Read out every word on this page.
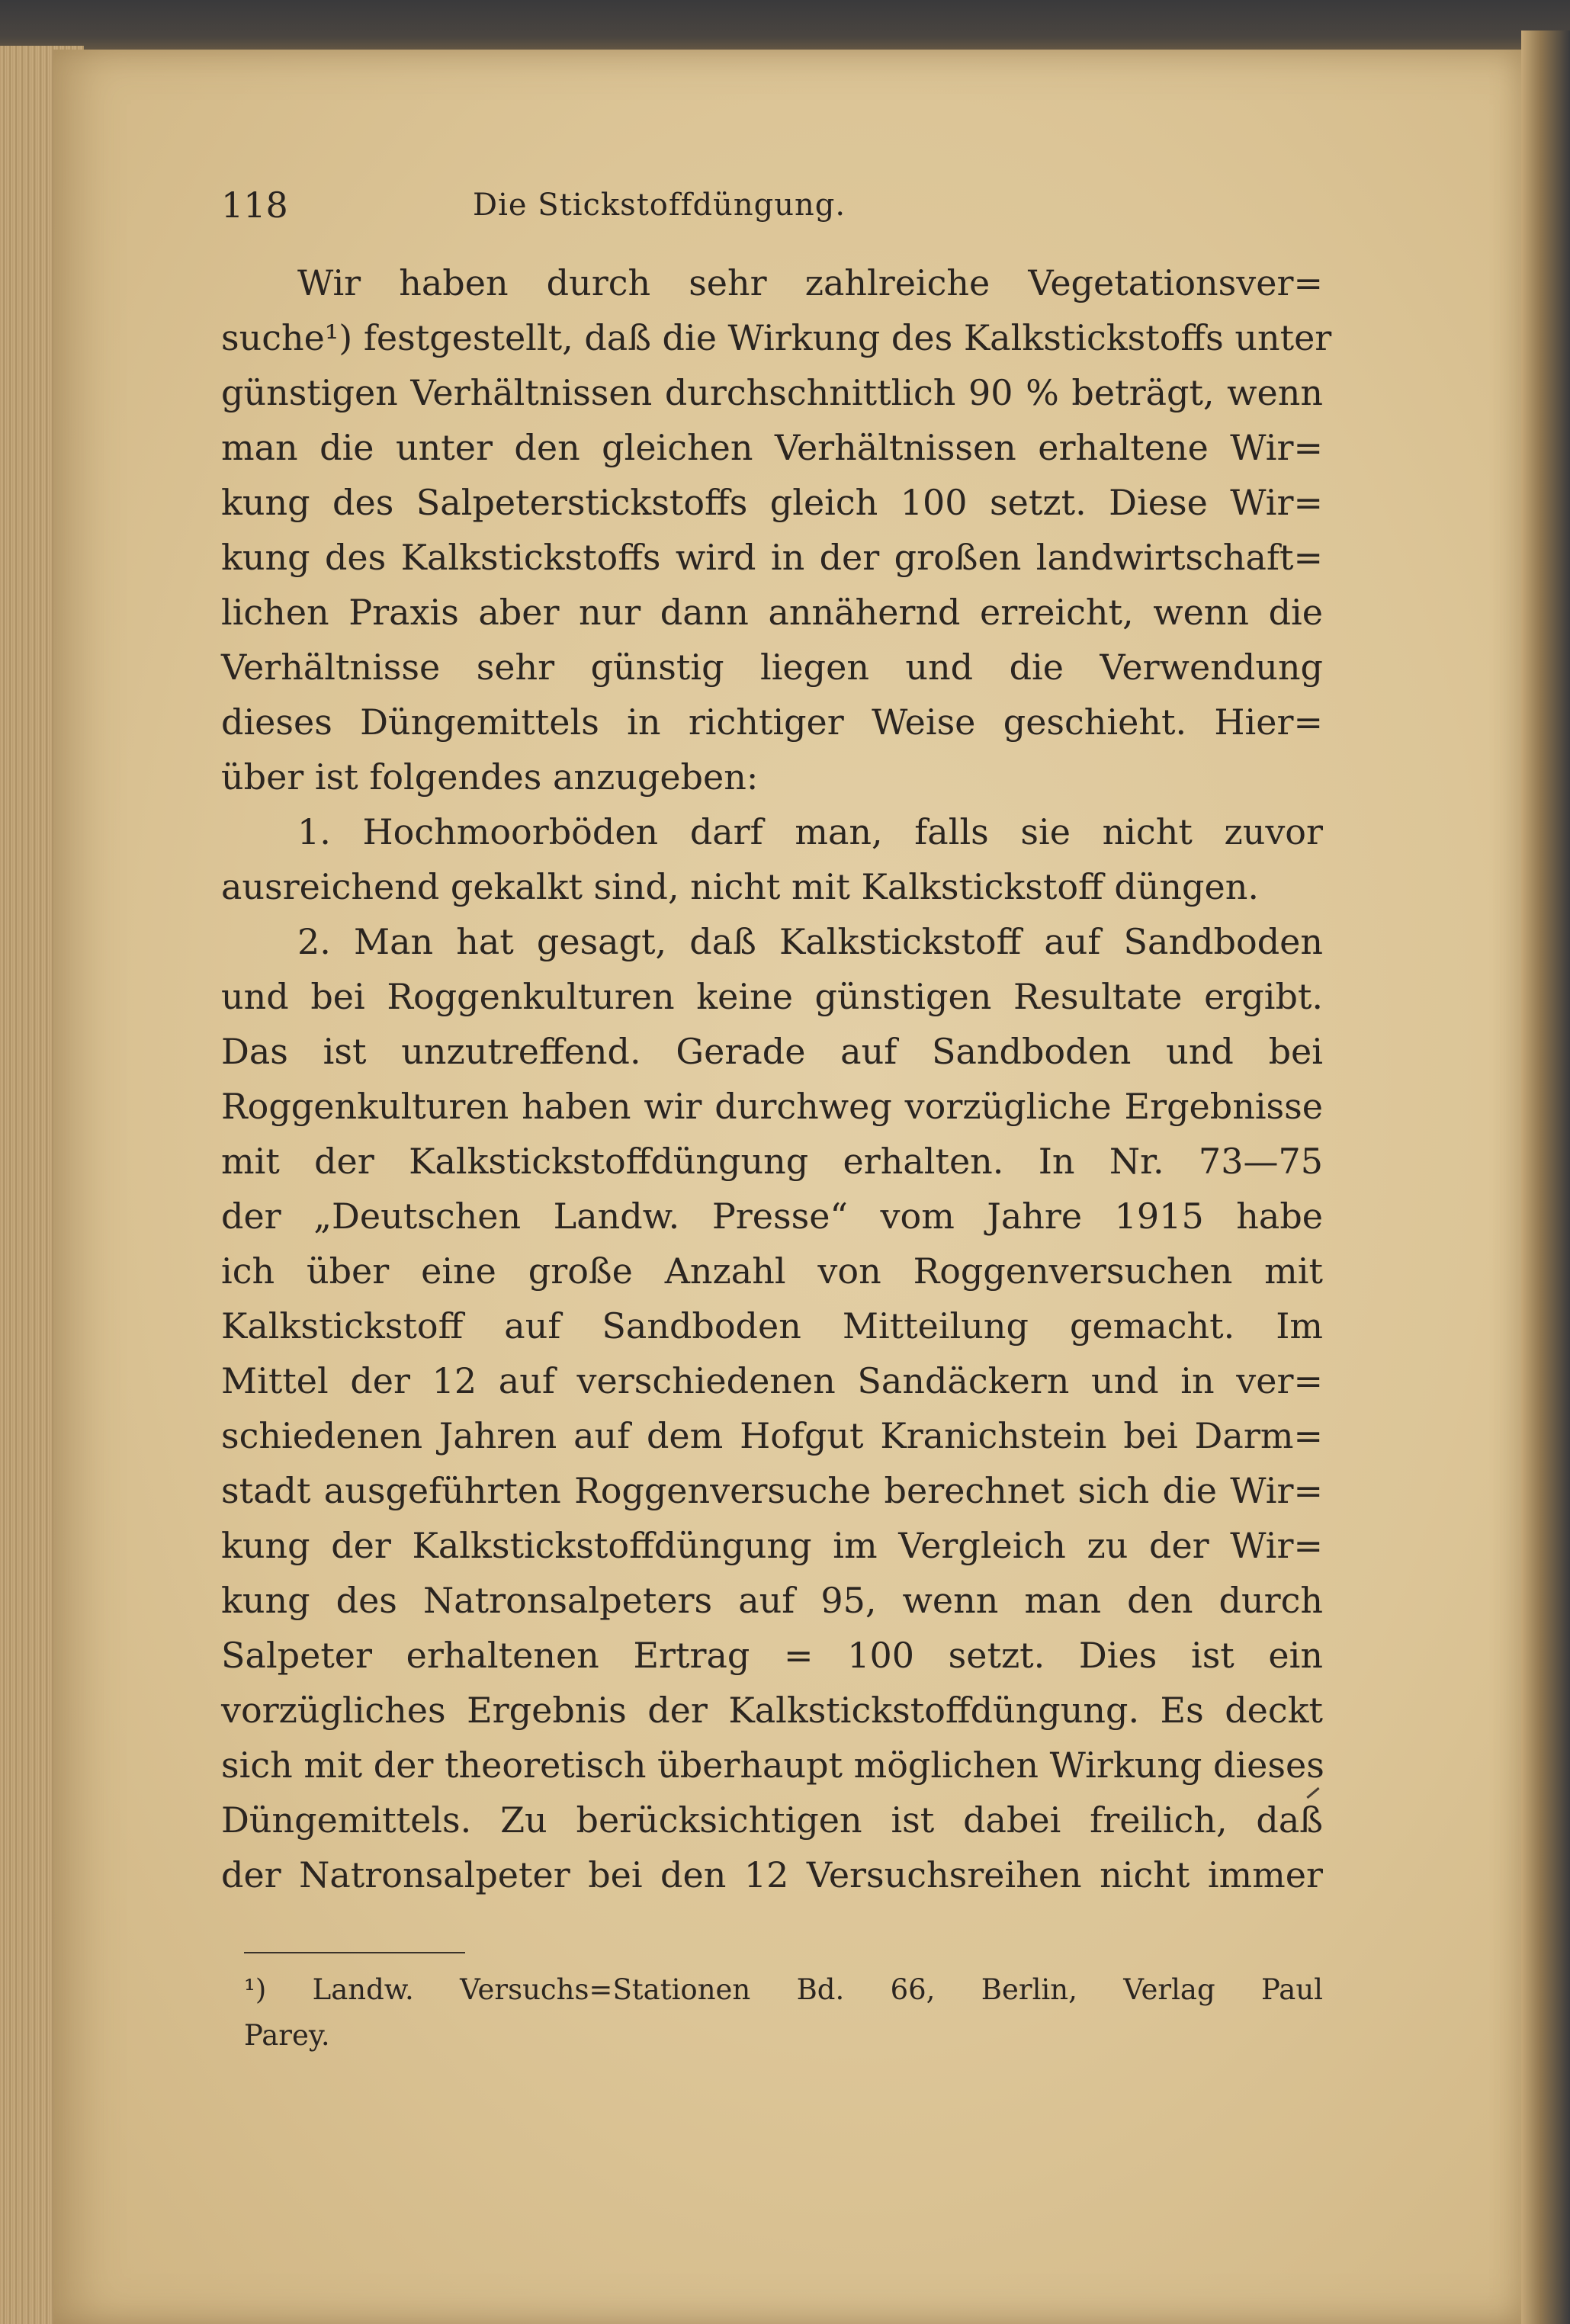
118	Die Stickstoffdüngung.
Wir haben durch sehr zahlreiche Vegetationsver=
suche¹) festgestellt, daß die Wirkung des Kalkstickstoffs unter
günstigen Verhältnissen durchschnittlich 90 % beträgt, wenn
man die unter den gleichen Verhältnissen erhaltene Wir=
kung des Salpeterstickstoffs gleich 100 setzt. Diese Wir=
kung des Kalkstickstoffs wird in der großen landwirtschaft=
lichen Praxis aber nur dann annähernd erreicht, wenn die
Verhältnisse sehr günstig liegen und die Verwendung
dieses Düngemittels in richtiger Weise geschieht. Hier=
über ist folgendes anzugeben:
1. Hochmoorböden darf man, falls sie nicht zuvor
ausreichend gekalkt sind, nicht mit Kalkstickstoff düngen.
2. Man hat gesagt, daß Kalkstickstoff auf Sandboden
und bei Roggenkulturen keine günstigen Resultate ergibt.
Das ist unzutreffend. Gerade auf Sandboden und bei
Roggenkulturen haben wir durchweg vorzügliche Ergebnisse
mit der Kalkstickstoffdüngung erhalten. In Nr. 73—75
der „Deutschen Landw. Presse“ vom Jahre 1915 habe
ich über eine große Anzahl von Roggenversuchen mit
Kalkstickstoff auf Sandboden Mitteilung gemacht. Im
Mittel der 12 auf verschiedenen Sandäckern und in ver=
schiedenen Jahren auf dem Hofgut Kranichstein bei Darm=
stadt ausgeführten Roggenversuche berechnet sich die Wir=
kung der Kalkstickstoffdüngung im Vergleich zu der Wir=
kung des Natronsalpeters auf 95, wenn man den durch
Salpeter erhaltenen Ertrag = 100 setzt. Dies ist ein
vorzügliches Ergebnis der Kalkstickstoffdüngung. Es deckt
sich mit der theoretisch überhaupt möglichen Wirkung dieses
Düngemittels. Zu berücksichtigen ist dabei freilich, daß
der Natronsalpeter bei den 12 Versuchsreihen nicht immer
¹) Landw. Versuchs=Stationen Bd. 66, Berlin, Verlag Paul
Parey.
